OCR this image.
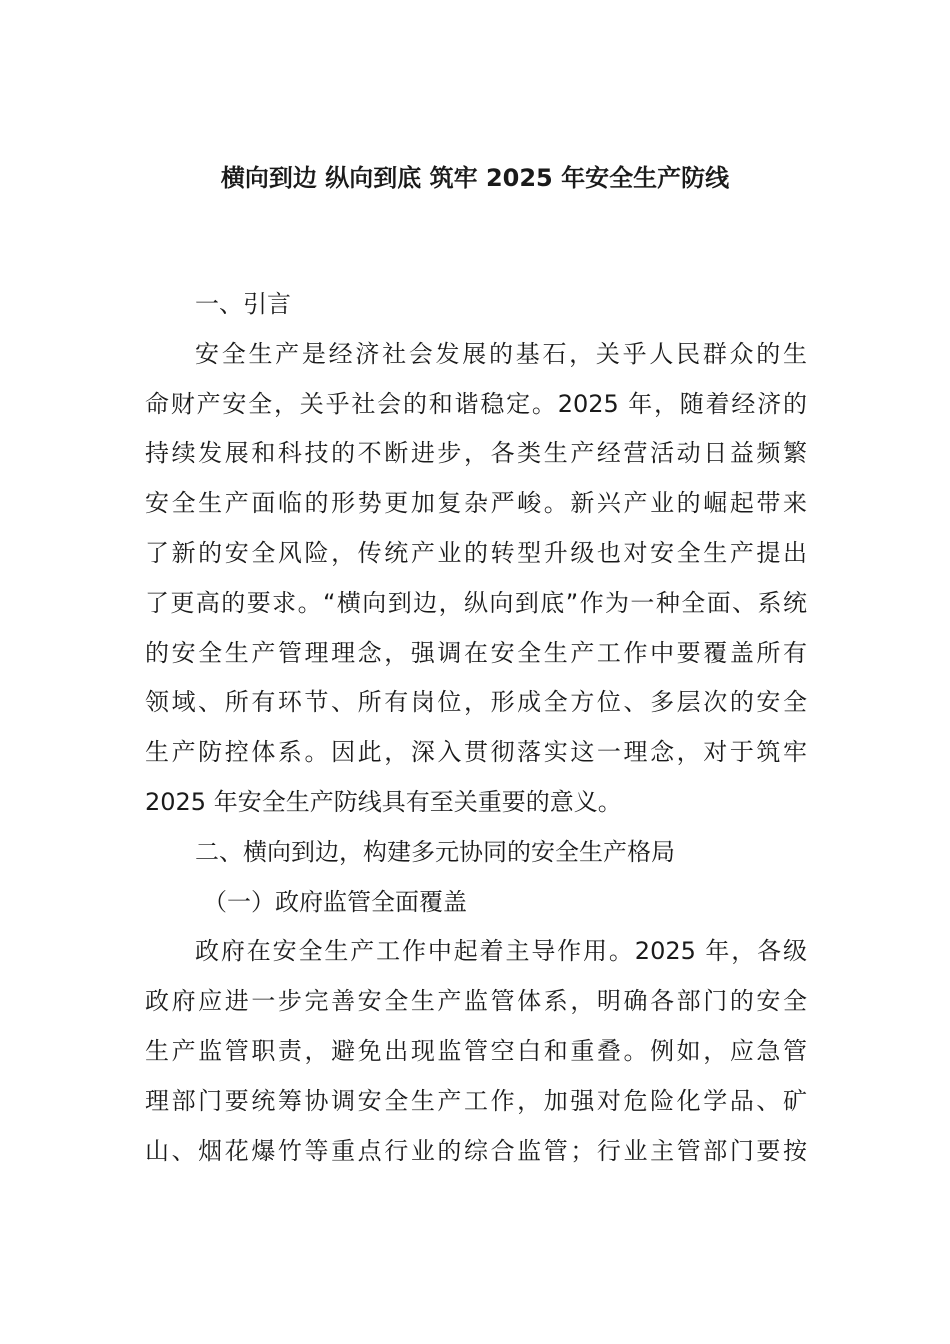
横向到边 纵向到底 筑牢 2025 年安全生产防线
一、引言
安全生产是经济社会发展的基石，关乎人民群众的生
命财产安全，关乎社会的和谐稳定。2025 年，随着经济的
持续发展和科技的不断进步，各类生产经营活动日益频繁
安全生产面临的形势更加复杂严峻。新兴产业的崛起带来
了新的安全风险，传统产业的转型升级也对安全生产提出
了更高的要求。“横向到边，纵向到底”作为一种全面、系统
的安全生产管理理念，强调在安全生产工作中要覆盖所有
领域、所有环节、所有岗位，形成全方位、多层次的安全
生产防控体系。因此，深入贯彻落实这一理念，对于筑牢
2025 年安全生产防线具有至关重要的意义。
二、横向到边，构建多元协同的安全生产格局
（一）政府监管全面覆盖
政府在安全生产工作中起着主导作用。2025 年，各级
政府应进一步完善安全生产监管体系，明确各部门的安全
生产监管职责，避免出现监管空白和重叠。例如，应急管
理部门要统筹协调安全生产工作，加强对危险化学品、矿
山、烟花爆竹等重点行业的综合监管；行业主管部门要按
